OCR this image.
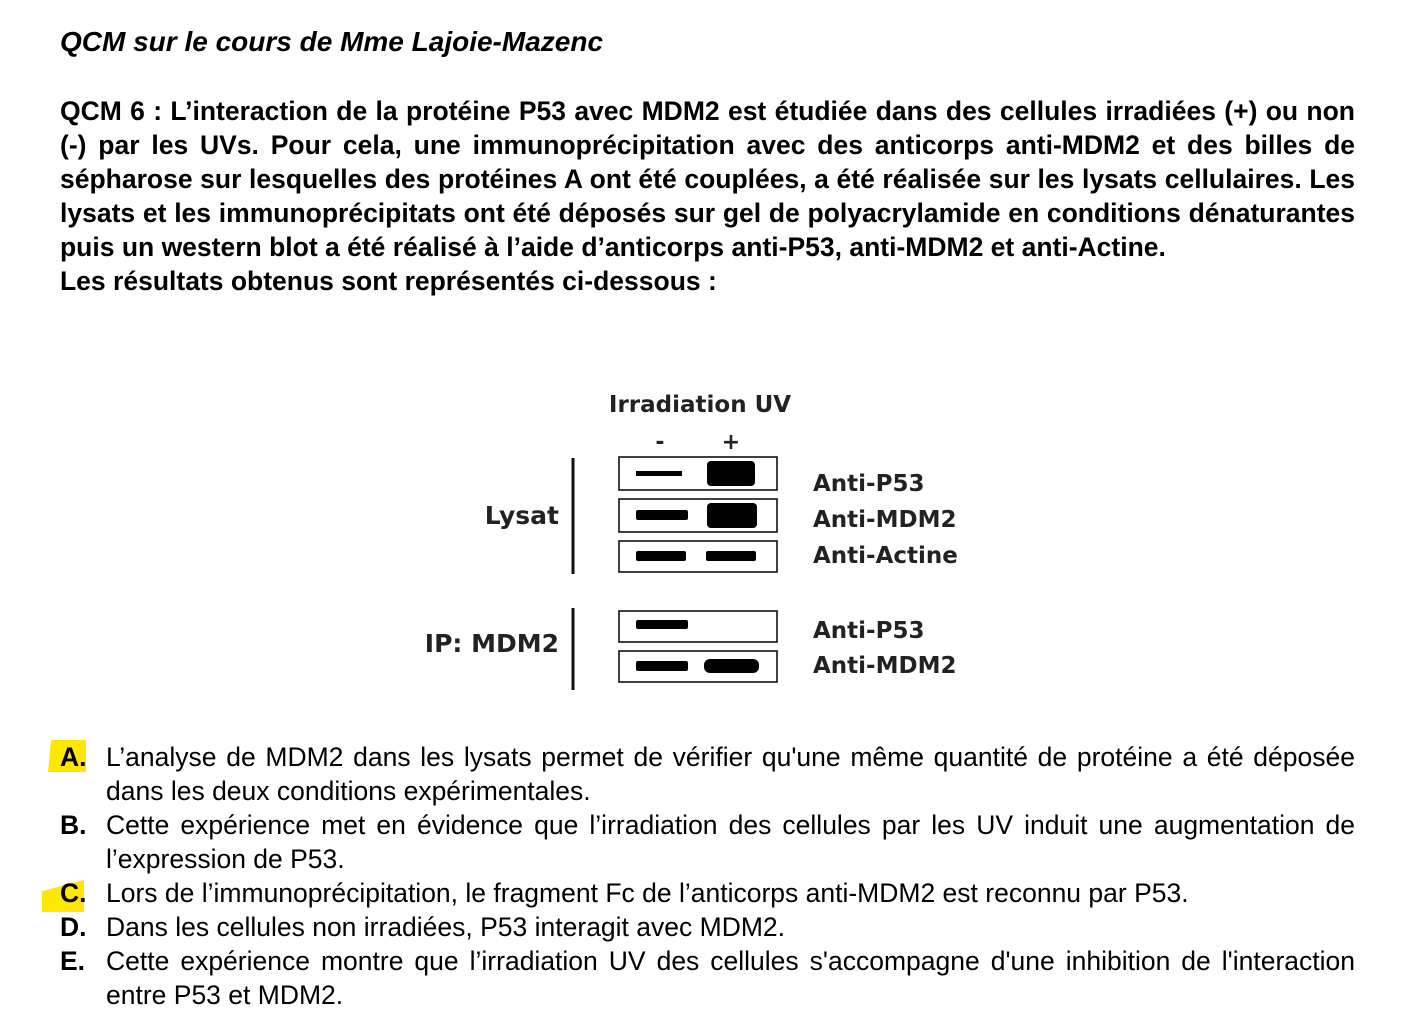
QCM sur le cours de Mme Lajoie-Mazenc
QCM 6 : L’interaction de la protéine P53 avec MDM2 est étudiée dans des cellules irradiées (+) ou non (-) par les UVs. Pour cela, une immunoprécipitation avec des anticorps anti-MDM2 et des billes de sépharose sur lesquelles des protéines A ont été couplées, a été réalisée sur les lysats cellulaires. Les lysats et les immunoprécipitats ont été déposés sur gel de polyacrylamide en conditions dénaturantes puis un western blot a été réalisé à l’aide d’anticorps anti-P53, anti-MDM2 et anti-Actine.
Les résultats obtenus sont représentés ci-dessous :
Irradiation UV
-	+
Lysat
IP: MDM2
Anti-P53
Anti-MDM2
Anti-Actine
Anti-P53
Anti-MDM2
A. L’analyse de MDM2 dans les lysats permet de vérifier qu'une même quantité de protéine a été déposée dans les deux conditions expérimentales.
B. Cette expérience met en évidence que l’irradiation des cellules par les UV induit une augmentation de l’expression de P53.
C. Lors de l’immunoprécipitation, le fragment Fc de l’anticorps anti-MDM2 est reconnu par P53.
D. Dans les cellules non irradiées, P53 interagit avec MDM2.
E. Cette expérience montre que l’irradiation UV des cellules s'accompagne d'une inhibition de l'interaction entre P53 et MDM2.
